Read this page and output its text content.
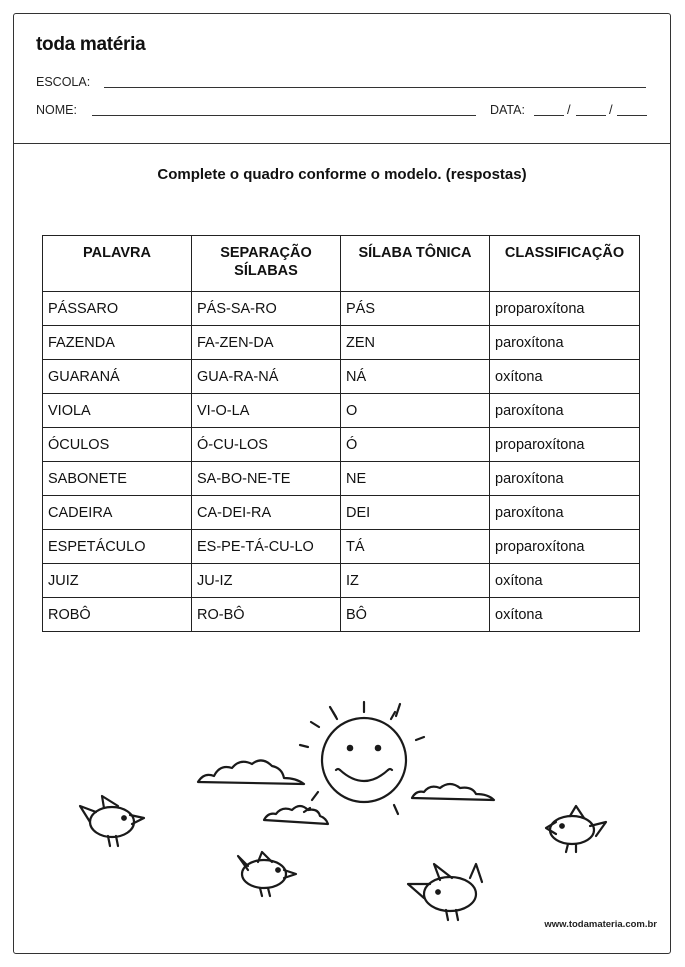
toda matéria
ESCOLA:
NOME:	DATA:	/	/
Complete o quadro conforme o modelo. (respostas)
PALAVRA	SEPARAÇÃO SÍLABAS	SÍLABA TÔNICA	CLASSIFICAÇÃO
PÁSSARO	PÁS-SA-RO	PÁS	proparoxítona
FAZENDA	FA-ZEN-DA	ZEN	paroxítona
GUARANÁ	GUA-RA-NÁ	NÁ	oxítona
VIOLA	VI-O-LA	O	paroxítona
ÓCULOS	Ó-CU-LOS	Ó	proparoxítona
SABONETE	SA-BO-NE-TE	NE	paroxítona
CADEIRA	CA-DEI-RA	DEI	paroxítona
ESPETÁCULO	ES-PE-TÁ-CU-LO	TÁ	proparoxítona
JUIZ	JU-IZ	IZ	oxítona
ROBÔ	RO-BÔ	BÔ	oxítona
www.todamateria.com.br
